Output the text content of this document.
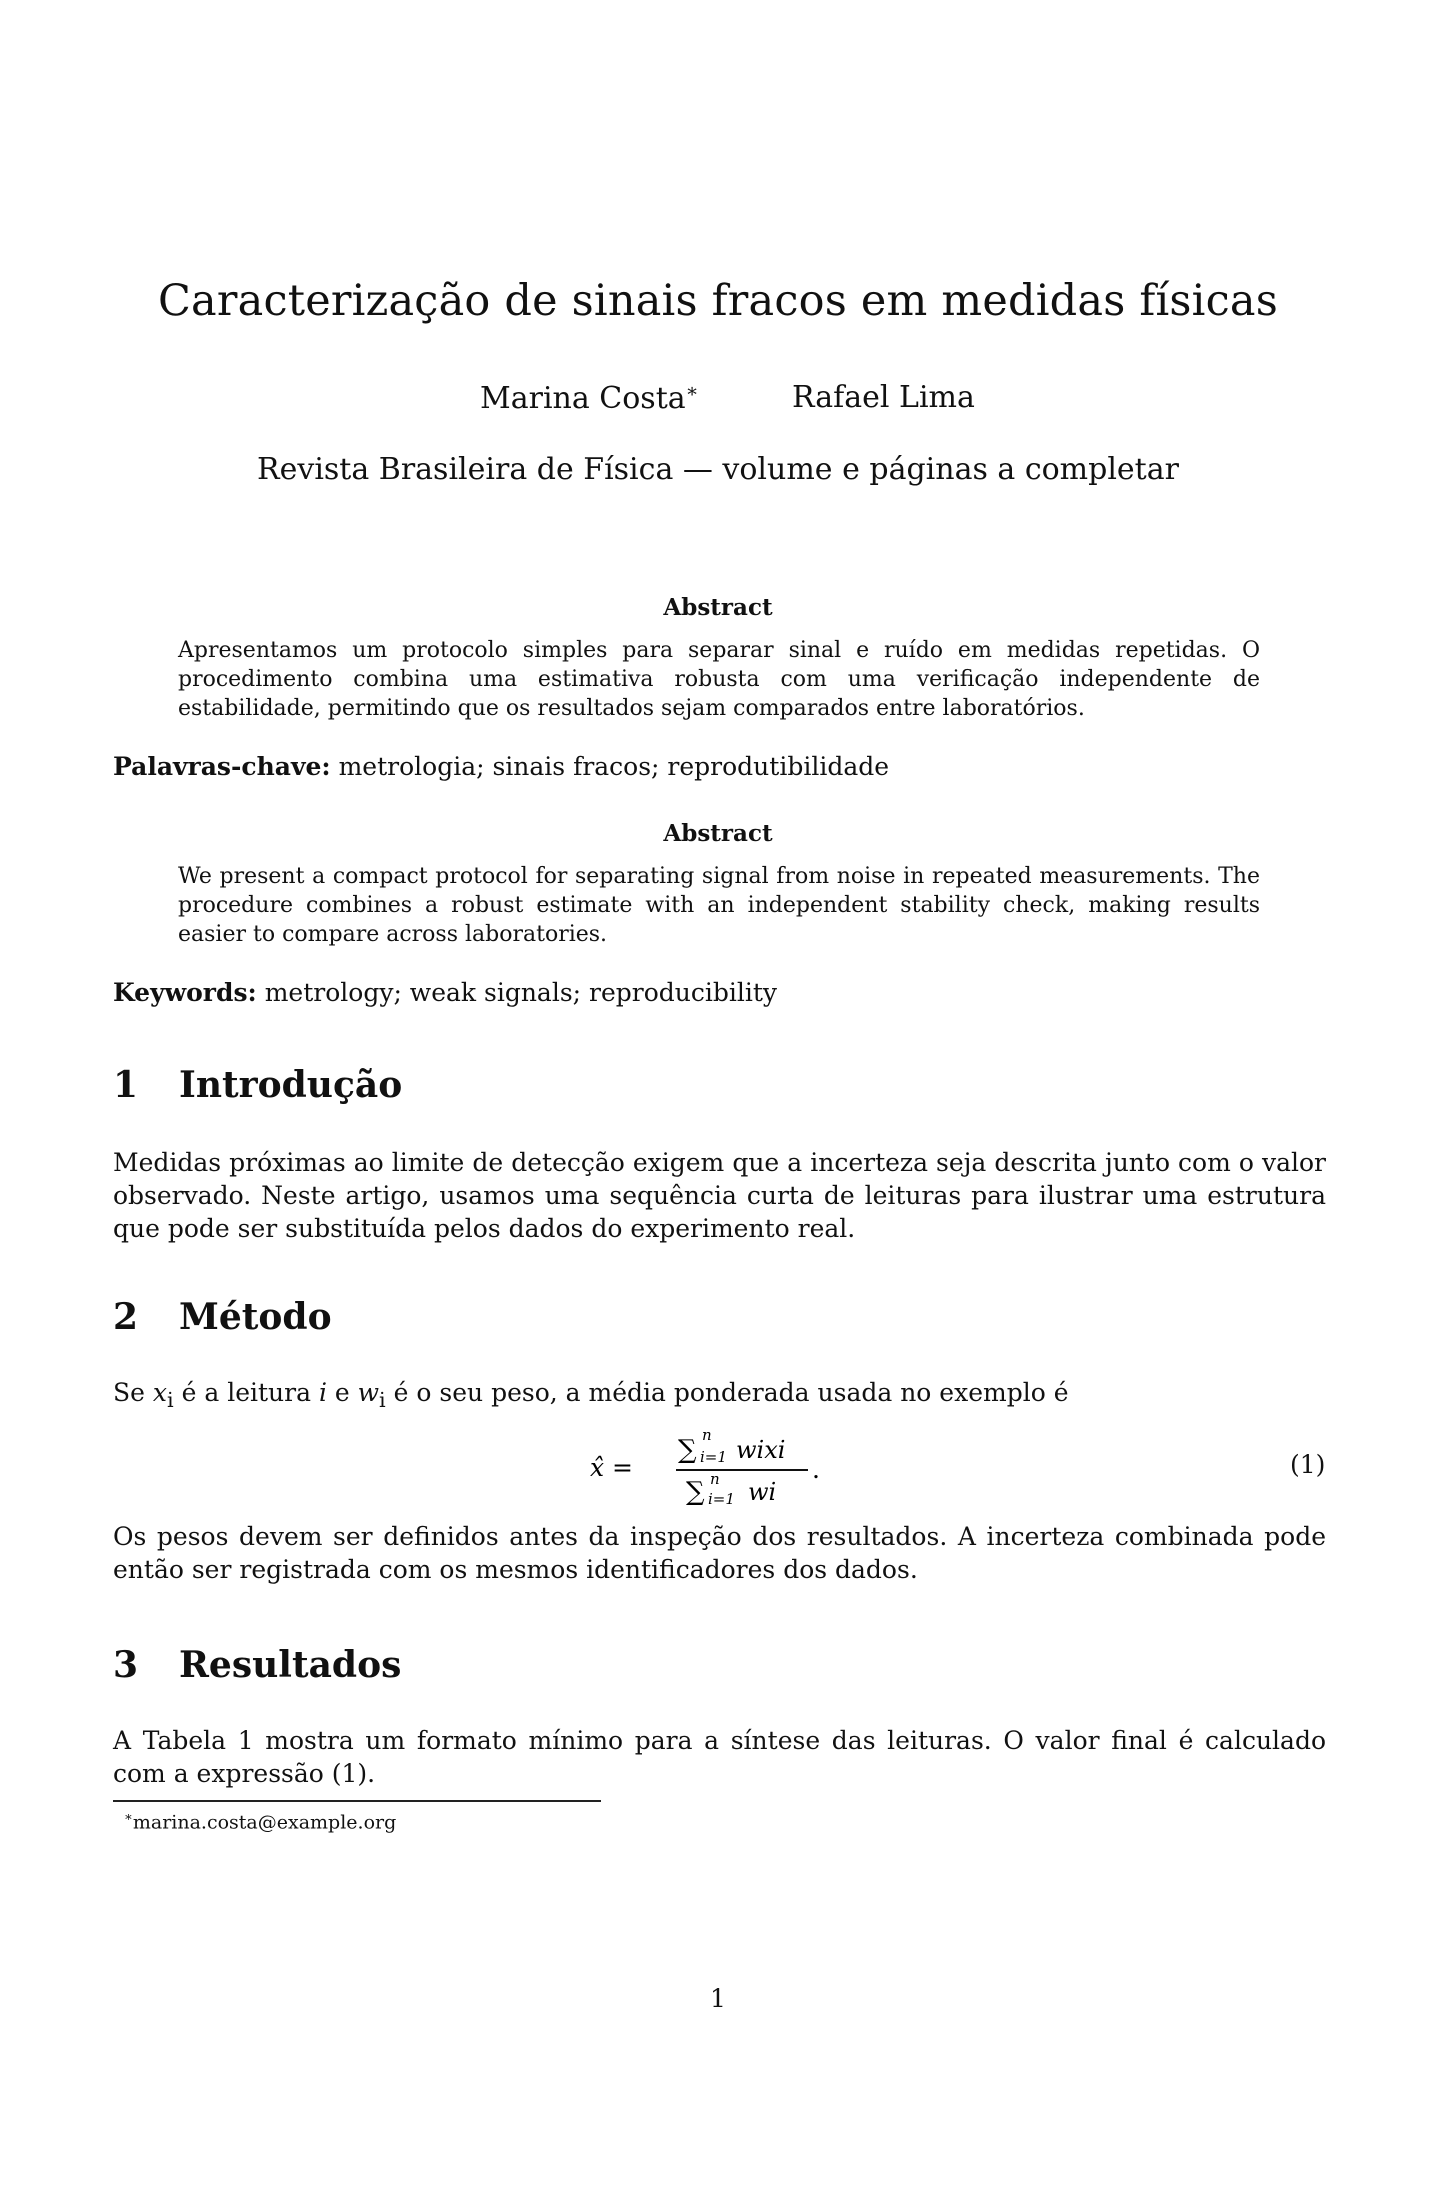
Caracterização de sinais fracos em medidas físicas
Marina Costa∗	Rafael Lima
Revista Brasileira de Física — volume e páginas a completar
Abstract
Apresentamos um protocolo simples para separar sinal e ruído em medidas repetidas. O procedimento combina uma estimativa robusta com uma verificação independente de estabilidade, permitindo que os resultados sejam comparados entre laboratórios.
Palavras-chave: metrologia; sinais fracos; reprodutibilidade
Abstract
We present a compact protocol for separating signal from noise in repeated measurements. The procedure combines a robust estimate with an independent stability check, making results easier to compare across laboratories.
Keywords: metrology; weak signals; reproducibility
1 Introdução
Medidas próximas ao limite de detecção exigem que a incerteza seja descrita junto com o valor observado. Neste artigo, usamos uma sequência curta de leituras para ilustrar uma estrutura que pode ser substituída pelos dados do experimento real.
2 Método
Se $x_i$ é a leitura i e $w_i$ é o seu peso, a média ponderada usada no exemplo é
x̂ =
∑ n
i=1 wixi
∑ n
i=1 wi
.	(1)
Os pesos devem ser definidos antes da inspeção dos resultados. A incerteza combinada pode então ser registrada com os mesmos identificadores dos dados.
3 Resultados
A Tabela 1 mostra um formato mínimo para a síntese das leituras. O valor final é calculado com a expressão (1).
∗marina.costa@example.org
1
